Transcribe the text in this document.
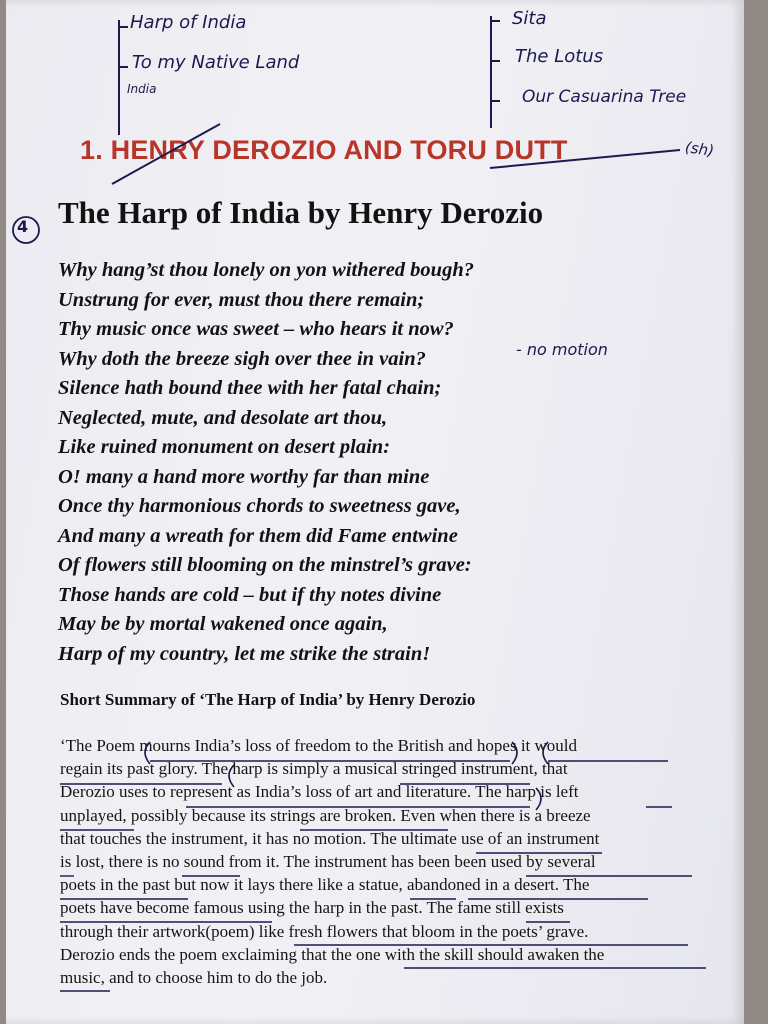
Harp of India
To my Native Land
India
Sita
The Lotus
Our Casuarina Tree
1. HENRY DEROZIO AND TORU DUTT	(sh)
4 The Harp of India by Henry Derozio
Why hang’st thou lonely on yon withered bough?
Unstrung for ever, must thou there remain;
Thy music once was sweet – who hears it now?
Why doth the breeze sigh over thee in vain?
Silence hath bound thee with her fatal chain;
Neglected, mute, and desolate art thou,
Like ruined monument on desert plain:
O! many a hand more worthy far than mine
Once thy harmonious chords to sweetness gave,
And many a wreath for them did Fame entwine
Of flowers still blooming on the minstrel’s grave:
Those hands are cold – but if thy notes divine
May be by mortal wakened once again,
Harp of my country, let me strike the strain!
- no motion
Short Summary of ‘The Harp of India’ by Henry Derozio
‘The Poem mourns India’s loss of freedom to the British and hopes it would
regain its past glory. The harp is simply a musical stringed instrument, that
Derozio uses to represent as India’s loss of art and literature. The harp is left
unplayed, possibly because its strings are broken. Even when there is a breeze
that touches the instrument, it has no motion. The ultimate use of an instrument
is lost, there is no sound from it. The instrument has been been used by several
poets in the past but now it lays there like a statue, abandoned in a desert. The
poets have become famous using the harp in the past. The fame still exists
through their artwork(poem) like fresh flowers that bloom in the poets’ grave.
Derozio ends the poem exclaiming that the one with the skill should awaken the
music, and to choose him to do the job.
